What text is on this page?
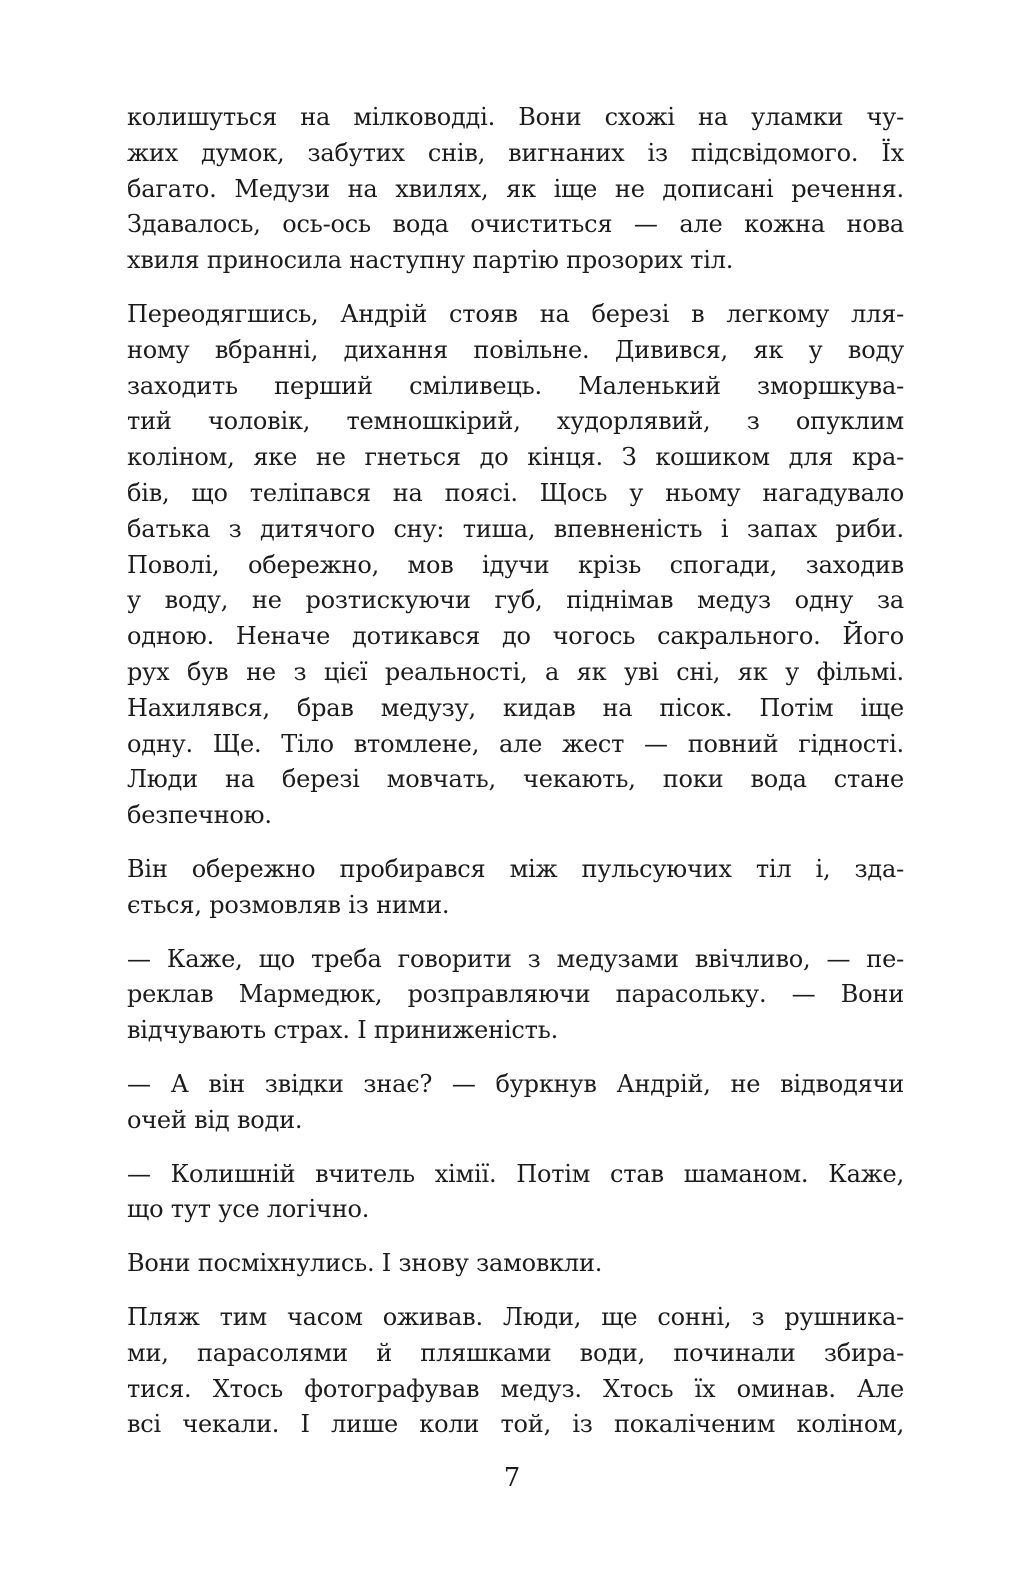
колишуться на мілководді. Вони схожі на уламки чу-
жих думок, забутих снів, вигнаних із підсвідомого. Їх
багато. Медузи на хвилях, як іще не дописані речення.
Здавалось, ось-ось вода очиститься — але кожна нова
хвиля приносила наступну партію прозорих тіл.
Переодягшись, Андрій стояв на березі в легкому лля-
ному вбранні, дихання повільне. Дивився, як у воду
заходить перший сміливець. Маленький зморшкува-
тий чоловік, темношкірий, худорлявий, з опуклим
коліном, яке не гнеться до кінця. З кошиком для кра-
бів, що теліпався на поясі. Щось у ньому нагадувало
батька з дитячого сну: тиша, впевненість і запах риби.
Поволі, обережно, мов ідучи крізь спогади, заходив
у воду, не розтискуючи губ, піднімав медуз одну за
одною. Неначе дотикався до чогось сакрального. Його
рух був не з цієї реальності, а як уві сні, як у фільмі.
Нахилявся, брав медузу, кидав на пісок. Потім іще
одну. Ще. Тіло втомлене, але жест — повний гідності.
Люди на березі мовчать, чекають, поки вода стане
безпечною.
Він обережно пробирався між пульсуючих тіл і, зда-
ється, розмовляв із ними.
— Каже, що треба говорити з медузами ввічливо, — пе-
реклав Мармедюк, розправляючи парасольку. — Вони
відчувають страх. І приниженість.
— А він звідки знає? — буркнув Андрій, не відводячи
очей від води.
— Колишній вчитель хімії. Потім став шаманом. Каже,
що тут усе логічно.
Вони посміхнулись. І знову замовкли.
Пляж тим часом оживав. Люди, ще сонні, з рушника-
ми, парасолями й пляшками води, починали збира-
тися. Хтось фотографував медуз. Хтось їх оминав. Але
всі чекали. І лише коли той, із покаліченим коліном,
7
